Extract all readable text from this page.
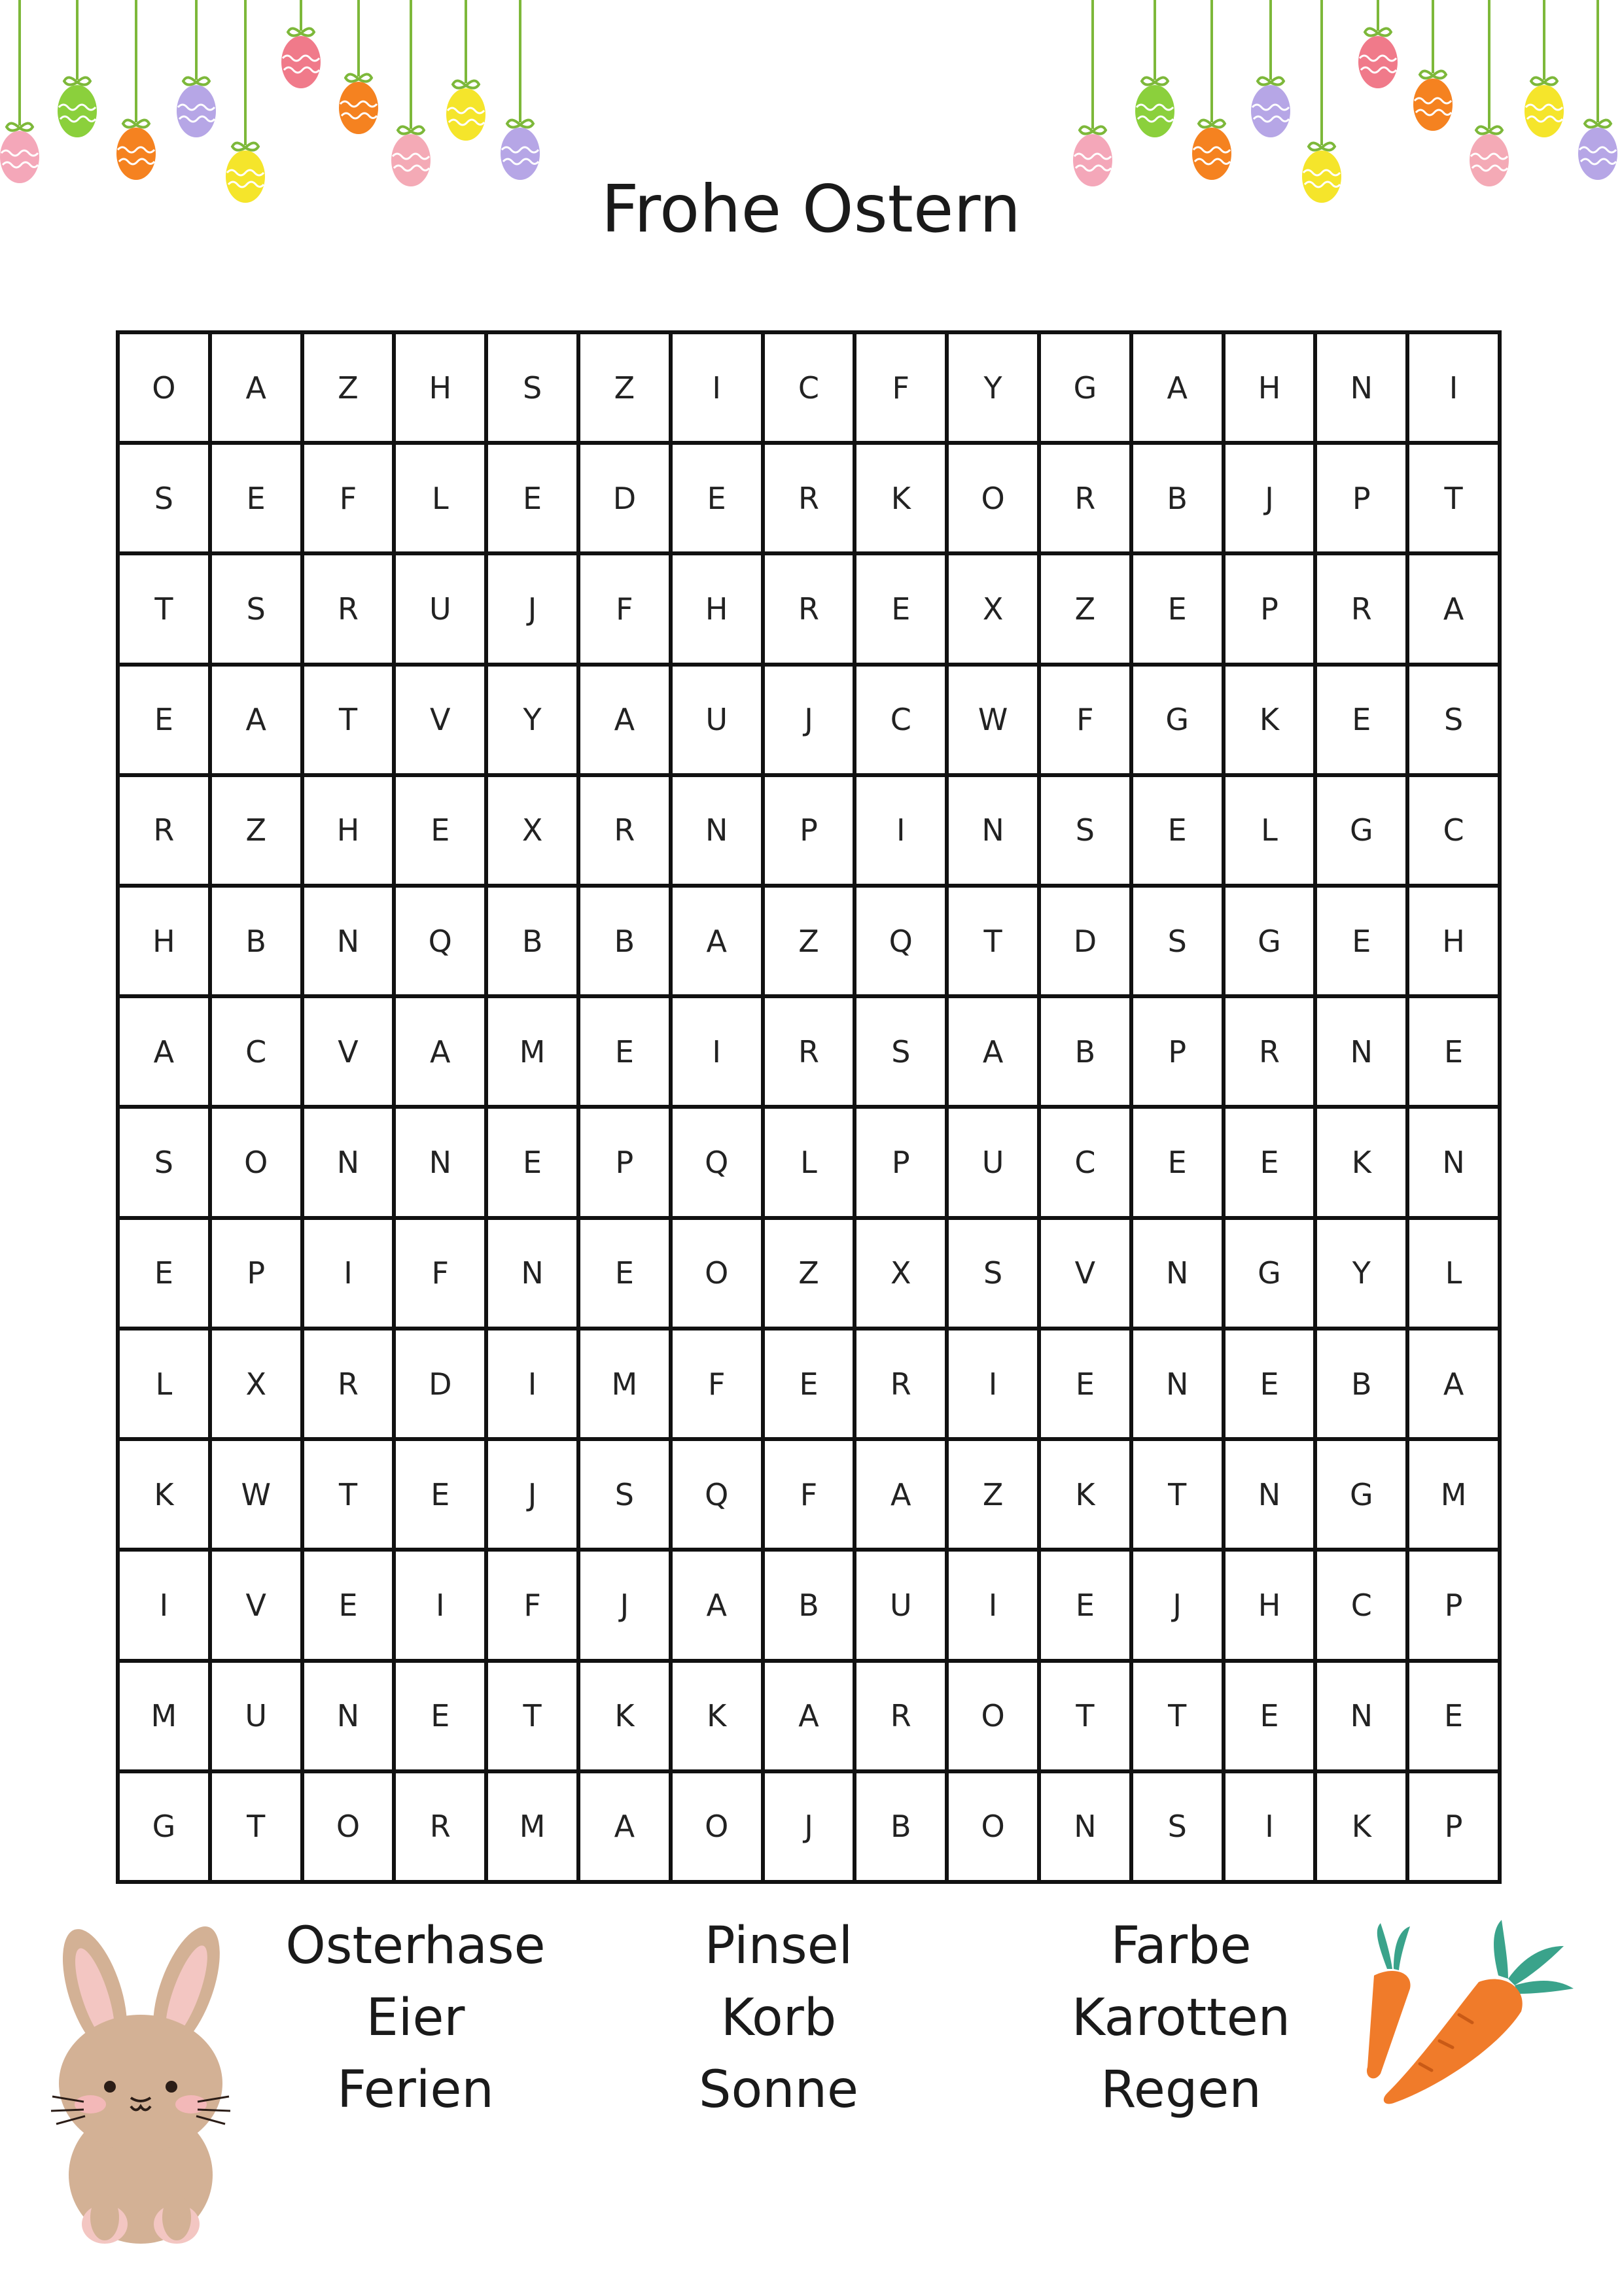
Frohe Ostern
O	A	Z	H	S	Z	I	C	F	Y	G	A	H	N	I
S	E	F	L	E	D	E	R	K	O	R	B	J	P	T
T	S	R	U	J	F	H	R	E	X	Z	E	P	R	A
E	A	T	V	Y	A	U	J	C	W	F	G	K	E	S
R	Z	H	E	X	R	N	P	I	N	S	E	L	G	C
H	B	N	Q	B	B	A	Z	Q	T	D	S	G	E	H
A	C	V	A	M	E	I	R	S	A	B	P	R	N	E
S	O	N	N	E	P	Q	L	P	U	C	E	E	K	N
E	P	I	F	N	E	O	Z	X	S	V	N	G	Y	L
L	X	R	D	I	M	F	E	R	I	E	N	E	B	A
K	W	T	E	J	S	Q	F	A	Z	K	T	N	G	M
I	V	E	I	F	J	A	B	U	I	E	J	H	C	P
M	U	N	E	T	K	K	A	R	O	T	T	E	N	E
G	T	O	R	M	A	O	J	B	O	N	S	I	K	P
Osterhase
Eier
Ferien
Pinsel
Korb
Sonne
Farbe
Karotten
Regen
